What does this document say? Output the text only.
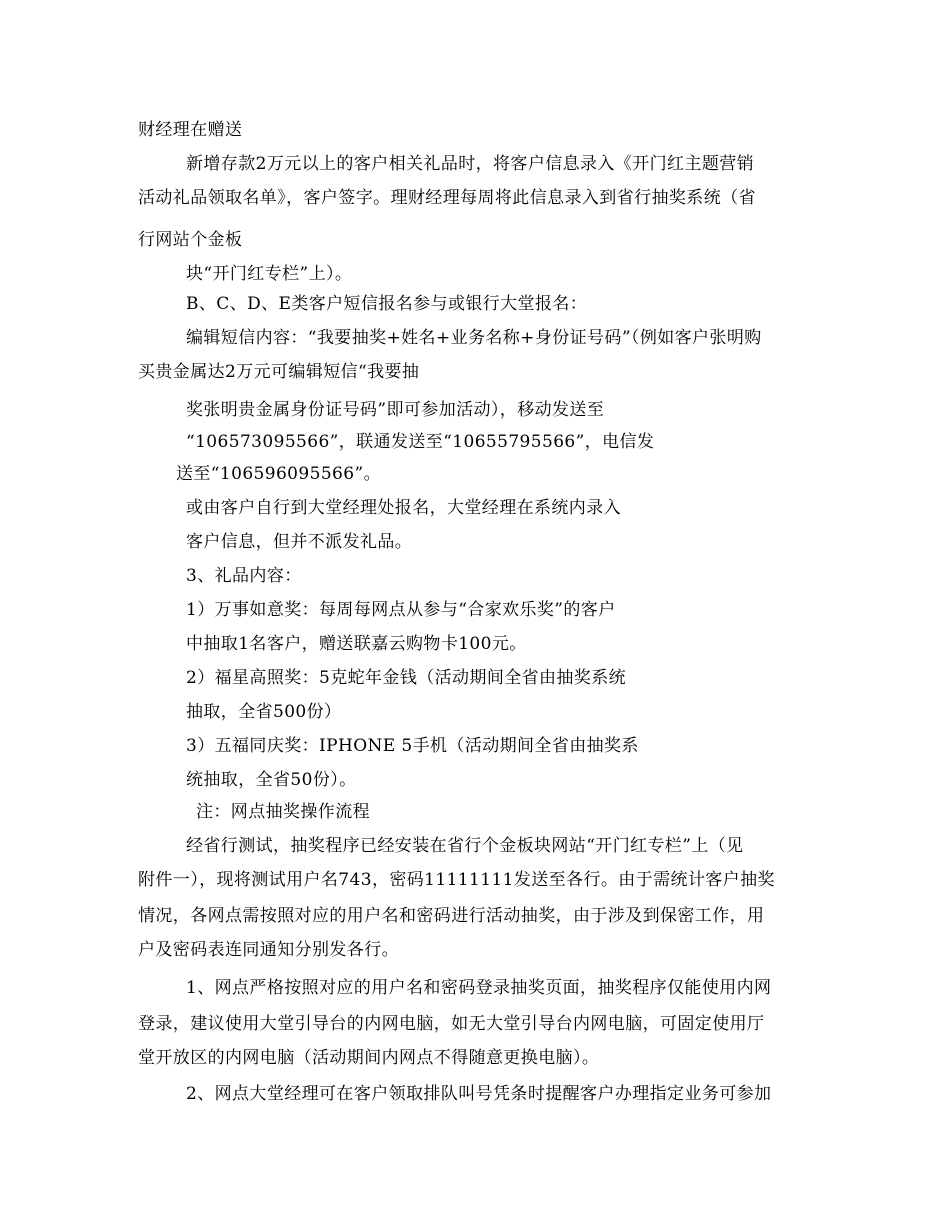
财经理在赠送
新增存款2万元以上的客户相关礼品时，将客户信息录入《开门红主题营销
活动礼品领取名单》，客户签字。理财经理每周将此信息录入到省行抽奖系统（省
行网站个金板
块“开门红专栏”上）。
B、C、D、E类客户短信报名参与或银行大堂报名：
编辑短信内容：“我要抽奖+姓名+业务名称+身份证号码”（例如客户张明购
买贵金属达2万元可编辑短信“我要抽
奖张明贵金属身份证号码”即可参加活动），移动发送至
“106573095566”，联通发送至“10655795566”，电信发
送至“106596095566”。
或由客户自行到大堂经理处报名，大堂经理在系统内录入
客户信息，但并不派发礼品。
3、礼品内容：
1）万事如意奖：每周每网点从参与“合家欢乐奖”的客户
中抽取1名客户，赠送联嘉云购物卡100元。
2）福星高照奖：5克蛇年金钱（活动期间全省由抽奖系统
抽取，全省500份）
3）五福同庆奖：IPHONE 5手机（活动期间全省由抽奖系
统抽取，全省50份）。
注：网点抽奖操作流程
经省行测试，抽奖程序已经安装在省行个金板块网站“开门红专栏”上（见
附件一），现将测试用户名743，密码11111111发送至各行。由于需统计客户抽奖
情况，各网点需按照对应的用户名和密码进行活动抽奖，由于涉及到保密工作，用
户及密码表连同通知分别发各行。
1、网点严格按照对应的用户名和密码登录抽奖页面，抽奖程序仅能使用内网
登录，建议使用大堂引导台的内网电脑，如无大堂引导台内网电脑，可固定使用厅
堂开放区的内网电脑（活动期间内网点不得随意更换电脑）。
2、网点大堂经理可在客户领取排队叫号凭条时提醒客户办理指定业务可参加
